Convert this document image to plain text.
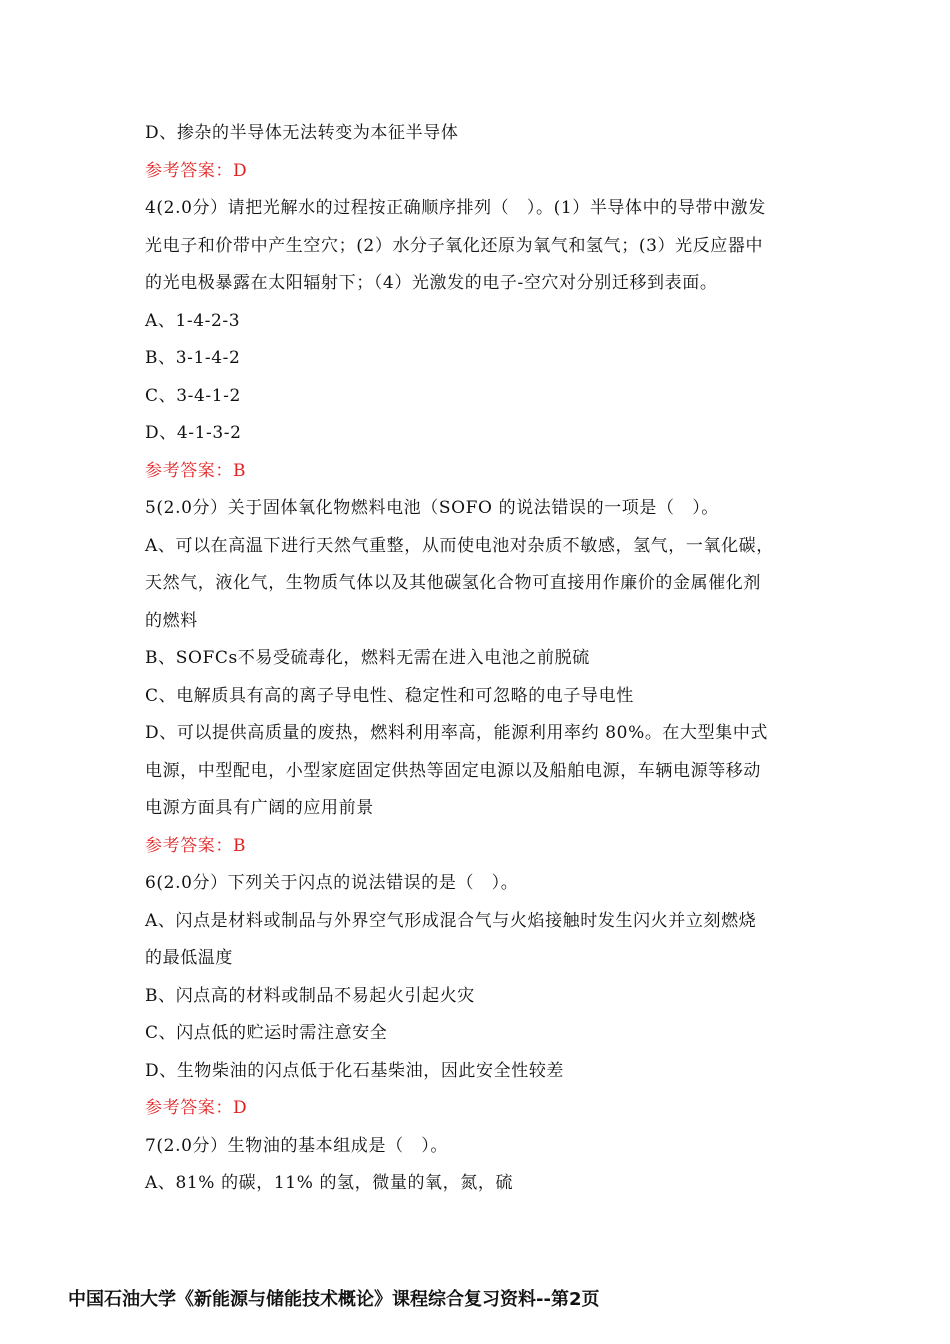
D、掺杂的半导体无法转变为本征半导体
参考答案：D
4(2.0分）请把光解水的过程按正确顺序排列（　）。(1）半导体中的导带中激发
光电子和价带中产生空穴；(2）水分子氧化还原为氧气和氢气；(3）光反应器中
的光电极暴露在太阳辐射下；（4）光激发的电子-空穴对分别迁移到表面。
A、1-4-2-3
B、3-1-4-2
C、3-4-1-2
D、4-1-3-2
参考答案：B
5(2.0分）关于固体氧化物燃料电池（SOFO 的说法错误的一项是（　）。
A、可以在高温下进行天然气重整，从而使电池对杂质不敏感，氢气，一氧化碳，
天然气，液化气，生物质气体以及其他碳氢化合物可直接用作廉价的金属催化剂
的燃料
B、SOFCs不易受硫毒化，燃料无需在进入电池之前脱硫
C、电解质具有高的离子导电性、稳定性和可忽略的电子导电性
D、可以提供高质量的废热，燃料利用率高，能源利用率约 80%。在大型集中式
电源，中型配电，小型家庭固定供热等固定电源以及船舶电源，车辆电源等移动
电源方面具有广阔的应用前景
参考答案：B
6(2.0分）下列关于闪点的说法错误的是（　）。
A、闪点是材料或制品与外界空气形成混合气与火焰接触时发生闪火并立刻燃烧
的最低温度
B、闪点高的材料或制品不易起火引起火灾
C、闪点低的贮运时需注意安全
D、生物柴油的闪点低于化石基柴油，因此安全性较差
参考答案：D
7(2.0分）生物油的基本组成是（　）。
A、81% 的碳，11% 的氢，微量的氧，氮，硫
中国石油大学《新能源与储能技术概论》课程综合复习资料--第2页
